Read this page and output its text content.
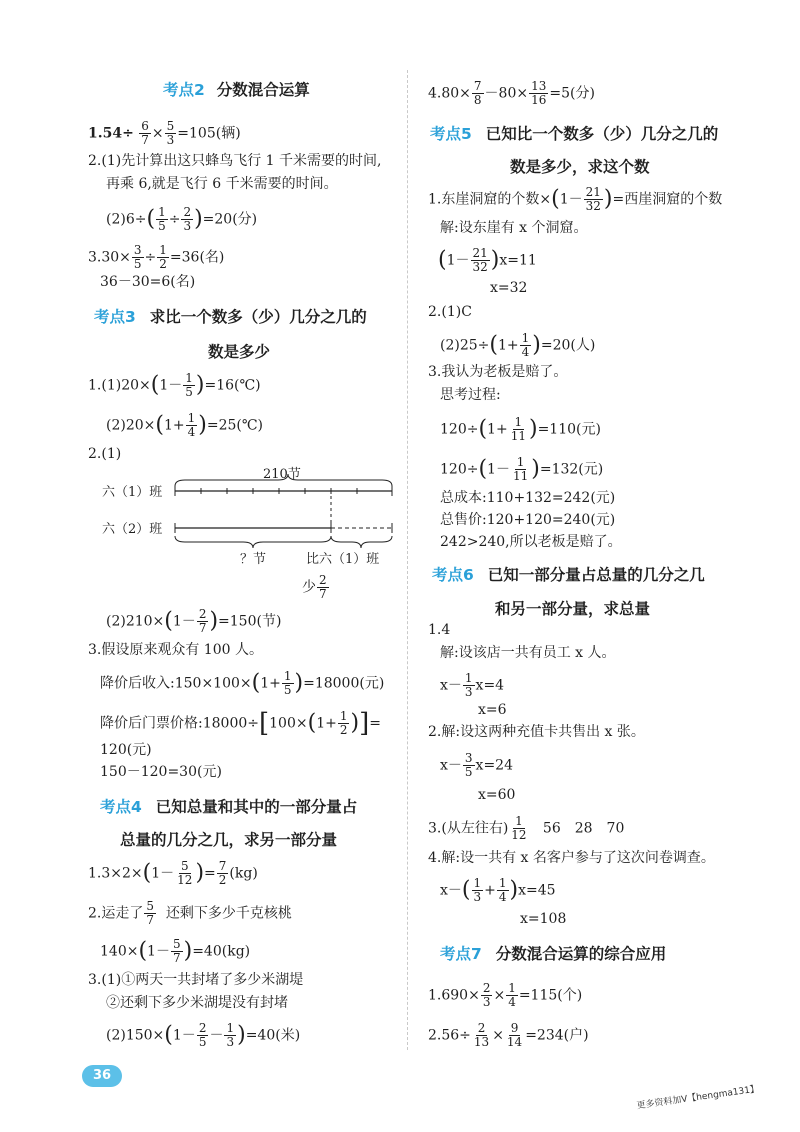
考点2 分数混合运算
$1.54\div \frac{6}{7} \times \frac{5}{3} =105$(辆)
2.(1)先计算出这只蜂鸟飞行 1 千米需要的时间,
再乘 6,就是飞行 6 千米需要的时间。
$(2)6\div( \frac{1}{5} \div \frac{2}{3} )=20$(分)
$3.30\times \frac{3}{5} \div \frac{1}{2} =36$(名)
36－30=6(名)
考点3 求比一个数多（少）几分之几的
数是多少
$1.(1)20\times(1- \frac{1}{5}$ )=16(℃)
$(2)20\times(1+ \frac{1}{4}$ )=25(℃)
2.(1)
210节
六（1）班
六（2）班
？节	比六（1）班
少 $\frac{2}{7}$
$(2)210\times(1- \frac{2}{7} )=150$(节)
3.假设原来观众有 100 人。
降价后收入:150×100×(1+ $\frac{1}{5} )=18000$(元)
降价后门票价格:18000÷[100×(1+ $\frac{1}{2}$ )]=
120(元)
150－120=30(元)
考点4 已知总量和其中的一部分量占
总量的几分之几，求另一部分量
$1.3\times 2\times(1- \frac{5}{12}$ )= $\frac{7}{2} (kg)$
2.运走了 $\frac{5}{7}$ 还剩下多少千克核桃
$140\times(1- \frac{5}{7} )=40(kg)$
3.(1)①两天一共封堵了多少米湖堤
②还剩下多少米湖堤没有封堵
$(2)150\times(1- \frac{2}{5} - \frac{1}{3} )=40$(米)
$4.80\times \frac{7}{8} -80\times \frac{13}{16} =5$(分)
考点5 已知比一个数多（少）几分之几的
数是多少，求这个数
1.东崖洞窟的个数$\times(1- \frac{21}{32}$ )=西崖洞窟的个数
解:设东崖有 x 个洞窟。
$(1- \frac{21}{32} )x=11$
x=32
2.(1)C
$(2)25\div(1+ \frac{1}{4} )=20$(人)
3.我认为老板是赔了。
思考过程:
$120\div(1+ \frac{1}{11} )=110$(元)
$120\div(1- \frac{1}{11} )=132$(元)
总成本:110+132=242(元)
总售价:120+120=240(元)
242>240,所以老板是赔了。
考点6 已知一部分量占总量的几分之几
和另一部分量，求总量
1.4
解:设该店一共有员工 x 人。
$x- \frac{1}{3} x=4$
x=6
2.解:设这两种充值卡共售出 x 张。
$x- \frac{3}{5} x=24$
x=60
3.(从左往右) $\frac{1}{12} 56$　28　70
4.解:设一共有 x 名客户参与了这次问卷调查。
$x-( \frac{1}{3} + \frac{1}{4} )x=45$
x=108
考点7 分数混合运算的综合应用
$1.690\times \frac{2}{3} \times \frac{1}{4} =115$(个)
$2.56\div \frac{2}{13} \times \frac{9}{14} =234$(户)
36
更多资料加V【hengma131】
